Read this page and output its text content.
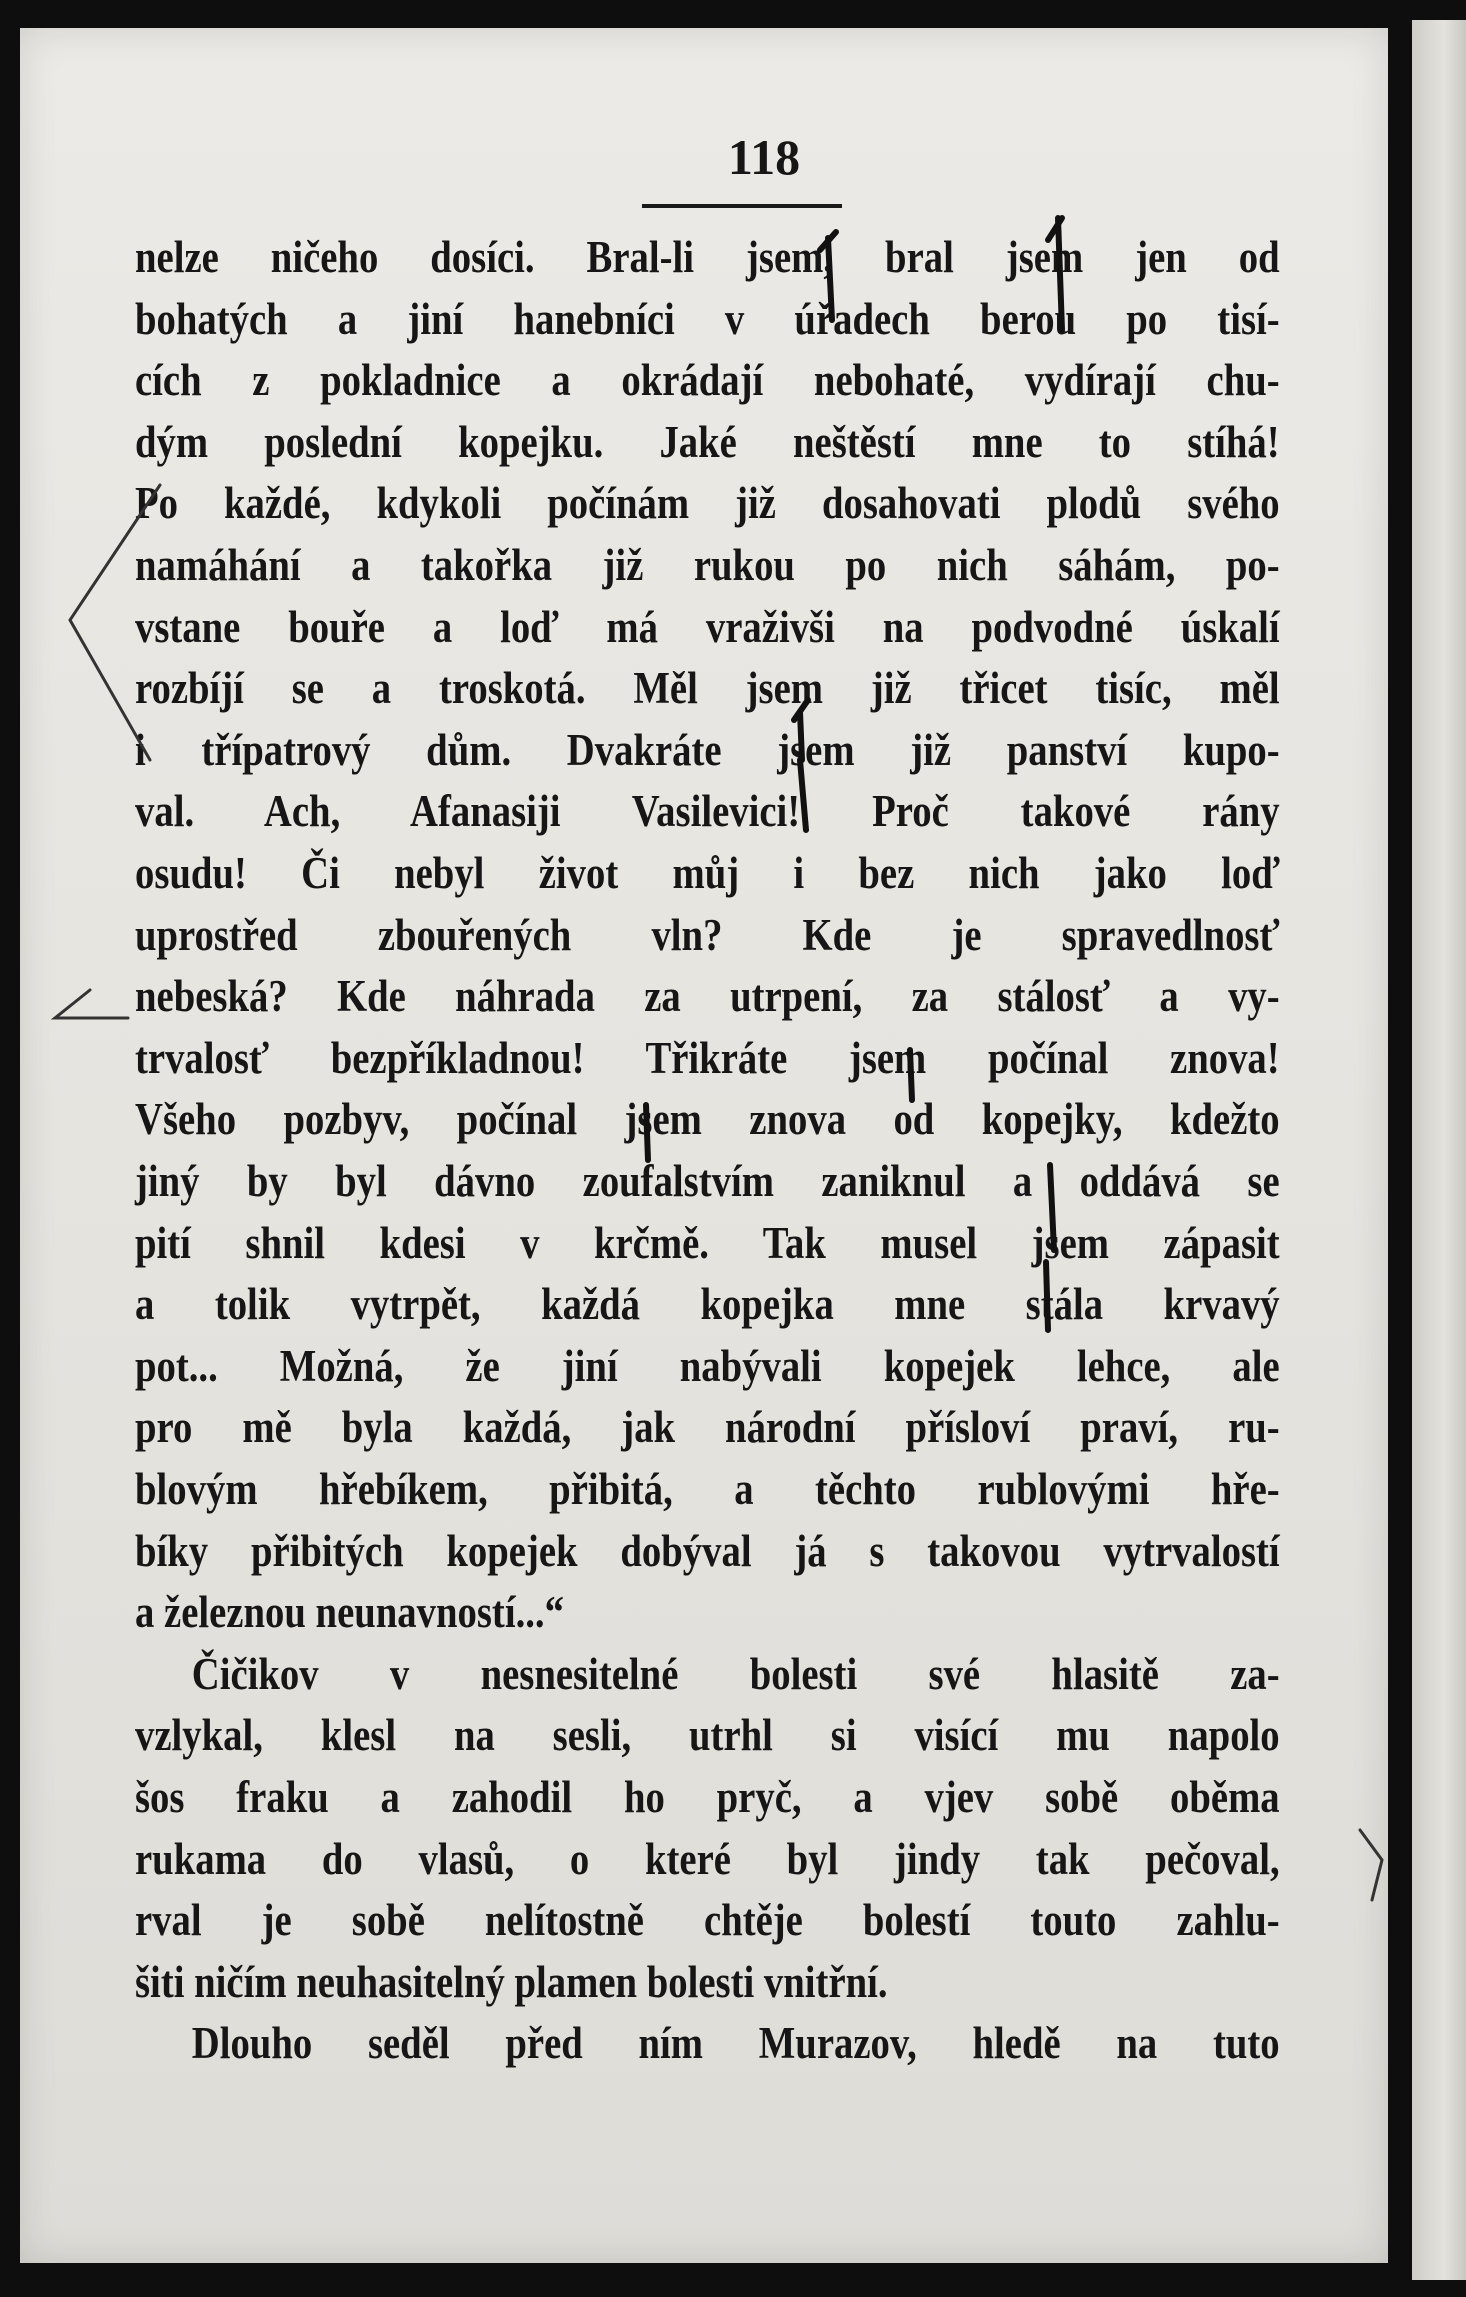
118
nelze ničeho dosíci. Bral-li jsem, bral jsem jen od
bohatých a jiní hanebníci v úřadech berou po tisí-
cích z pokladnice a okrádají nebohaté, vydírají chu-
dým poslední kopejku. Jaké neštěstí mne to stíhá!
Po každé, kdykoli počínám již dosahovati plodů svého
namáhání a takořka již rukou po nich sáhám, po-
vstane bouře a loď má vraživši na podvodné úskalí
rozbíjí se a troskotá. Měl jsem již třicet tisíc, měl
i třípatrový dům. Dvakráte jsem již panství kupo-
val. Ach, Afanasiji Vasilevici! Proč takové rány
osudu! Či nebyl život můj i bez nich jako loď
uprostřed zbouřených vln? Kde je spravedlnosť
nebeská? Kde náhrada za utrpení, za stálosť a vy-
trvalosť bezpříkladnou! Třikráte jsem počínal znova!
Všeho pozbyv, počínal jsem znova od kopejky, kdežto
jiný by byl dávno zoufalstvím zaniknul a oddává se
pití shnil kdesi v krčmě. Tak musel jsem zápasit
a tolik vytrpět, každá kopejka mne stála krvavý
pot... Možná, že jiní nabývali kopejek lehce, ale
pro mě byla každá, jak národní přísloví praví, ru-
blovým hřebíkem, přibitá, a těchto rublovými hře-
bíky přibitých kopejek dobýval já s takovou vytrvalostí
a železnou neunavností...“
Čičikov v nesnesitelné bolesti své hlasitě za-
vzlykal, klesl na sesli, utrhl si visící mu napolo
šos fraku a zahodil ho pryč, a vjev sobě oběma
rukama do vlasů, o které byl jindy tak pečoval,
rval je sobě nelítostně chtěje bolestí touto zahlu-
šiti ničím neuhasitelný plamen bolesti vnitřní.
Dlouho seděl před ním Murazov, hledě na tuto
